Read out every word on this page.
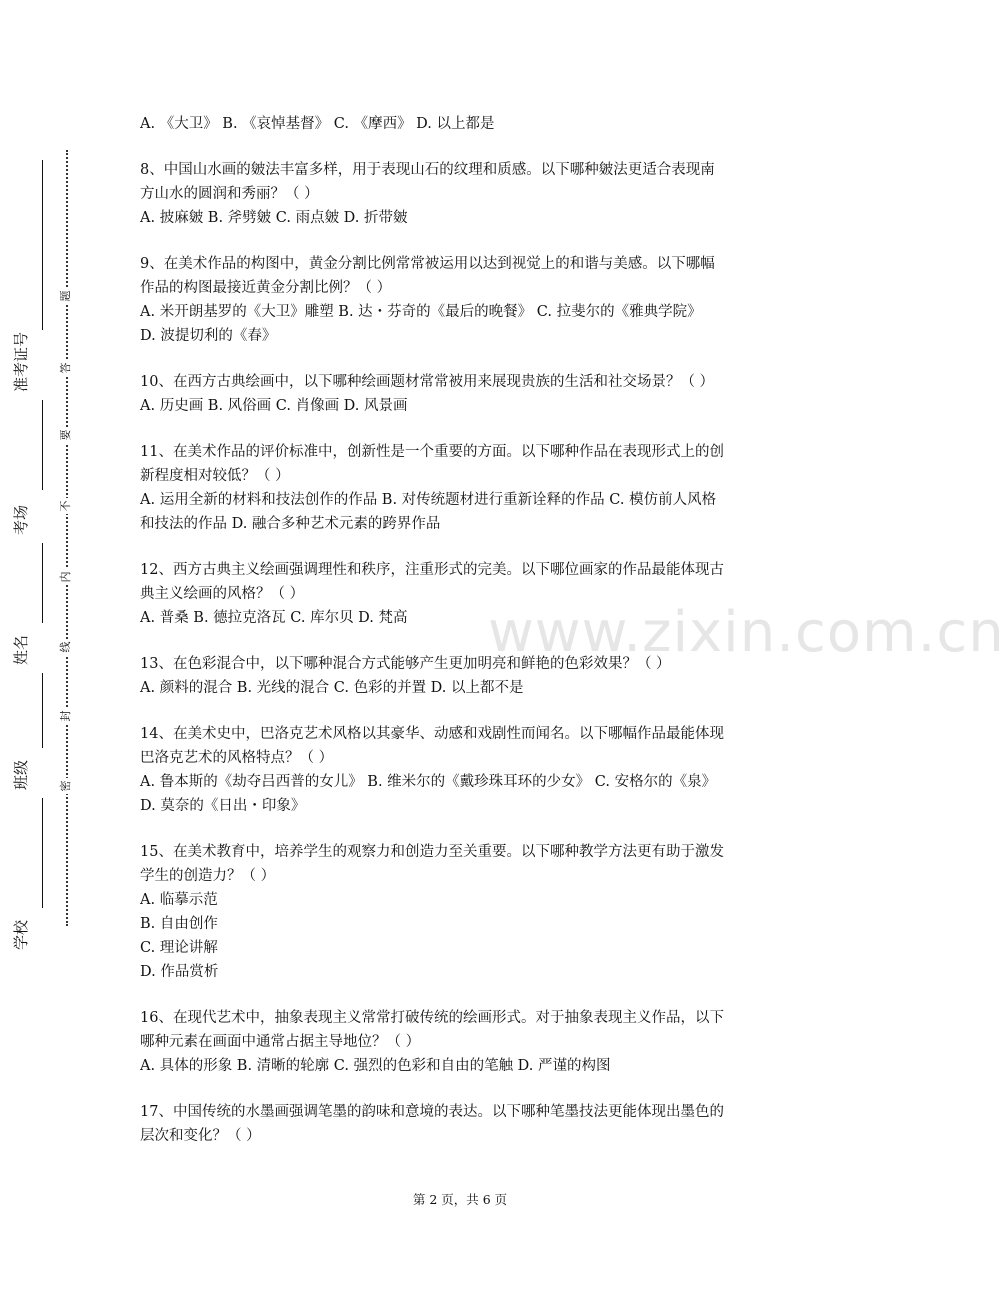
准考证号
考场
姓名
班级
学校
题
答
要
不
内
线
封
密
www.zixin.com.cn

A. 《大卫》 B. 《哀悼基督》 C. 《摩西》 D. 以上都是

8、中国山水画的皴法丰富多样，用于表现山石的纹理和质感。以下哪种皴法更适合表现南

方山水的圆润和秀丽？（ ）

A. 披麻皴 B. 斧劈皴 C. 雨点皴 D. 折带皴

9、在美术作品的构图中，黄金分割比例常常被运用以达到视觉上的和谐与美感。以下哪幅

作品的构图最接近黄金分割比例？（ ）

A. 米开朗基罗的《大卫》雕塑 B. 达・芬奇的《最后的晚餐》 C. 拉斐尔的《雅典学院》

D. 波提切利的《春》

10、在西方古典绘画中，以下哪种绘画题材常常被用来展现贵族的生活和社交场景？（ ）

A. 历史画 B. 风俗画 C. 肖像画 D. 风景画

11、在美术作品的评价标准中，创新性是一个重要的方面。以下哪种作品在表现形式上的创

新程度相对较低？（ ）

A. 运用全新的材料和技法创作的作品 B. 对传统题材进行重新诠释的作品 C. 模仿前人风格

和技法的作品 D. 融合多种艺术元素的跨界作品

12、西方古典主义绘画强调理性和秩序，注重形式的完美。以下哪位画家的作品最能体现古

典主义绘画的风格？（ ）

A. 普桑 B. 德拉克洛瓦 C. 库尔贝 D. 梵高

13、在色彩混合中，以下哪种混合方式能够产生更加明亮和鲜艳的色彩效果？（ ）

A. 颜料的混合 B. 光线的混合 C. 色彩的并置 D. 以上都不是

14、在美术史中，巴洛克艺术风格以其豪华、动感和戏剧性而闻名。以下哪幅作品最能体现

巴洛克艺术的风格特点？（ ）

A. 鲁本斯的《劫夺吕西普的女儿》 B. 维米尔的《戴珍珠耳环的少女》 C. 安格尔的《泉》

D. 莫奈的《日出・印象》

15、在美术教育中，培养学生的观察力和创造力至关重要。以下哪种教学方法更有助于激发

学生的创造力？（ ）

A. 临摹示范

B. 自由创作

C. 理论讲解

D. 作品赏析

16、在现代艺术中，抽象表现主义常常打破传统的绘画形式。对于抽象表现主义作品，以下

哪种元素在画面中通常占据主导地位？（ ）

A. 具体的形象 B. 清晰的轮廓 C. 强烈的色彩和自由的笔触 D. 严谨的构图

17、中国传统的水墨画强调笔墨的韵味和意境的表达。以下哪种笔墨技法更能体现出墨色的

层次和变化？（ ）

第 2 页，共 6 页
